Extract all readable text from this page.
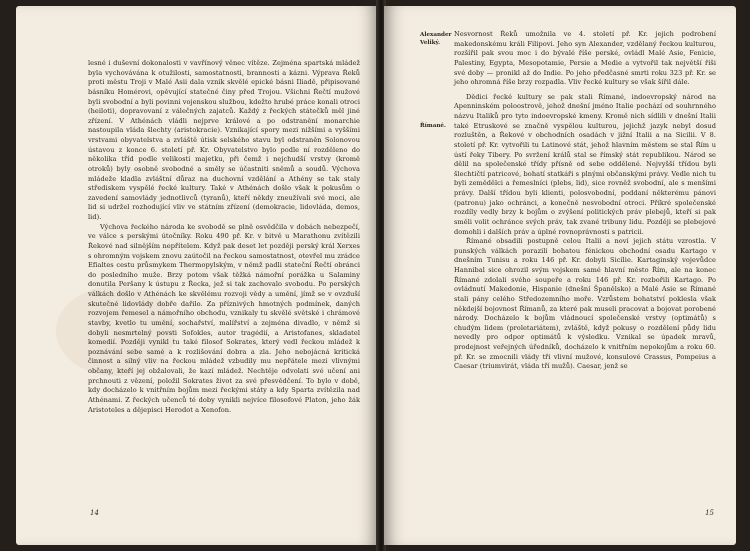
lesné i duševní dokonalosti v vavřínový věnec vítěze. Zejména spartská mládež byla vychovávána k otužilosti, samostatnosti, brannosti a kázni. Výprava Řeků proti městu Troji v Malé Asii dala vznik skvělé epické básni Iliadě, připisované básníku Homérovi, opěvující statečné činy před Trojou. Všichni Řečtí mužové byli svobodní a byli povinni vojenskou službou, kdežto hrubé práce konali otroci (heiloti), dopravovaní z válečných zajatců. Každý z řeckých státečků měl jiné zřízení. V Athénách vládli nejprve králové a po odstranění monarchie nastoupila vláda šlechty (aristokracie). Vznikající spory mezi nižšími a vyššími vrstvami obyvatelstva a zvláště útisk selského stavu byl odstraněn Solonovou ústavou z konce 6. století př. Kr. Obyvatelstvo bylo podle ní rozděleno do několika tříd podle velikosti majetku, při čemž i nejchudší vrstvy (kromě otroků) byly osobně svobodné a směly se účastniti sněmů a soudů. Výchova mládeže kladla zvláštní důraz na duchovní vzdělání a Athény se tak staly střediskem vyspělé řecké kultury. Také v Athénách došlo však k pokusům o zavedení samovlády jednotlivců (tyranů), kteří někdy zneužívali své moci, ale lid si udržel rozhodující vliv ve státním zřízení (demokracie, lidovláda, demos, lid).

Výchova řeckého národa ke svobodě se plně osvědčila v dobách nebezpečí, ve válce s perskými útočníky. Roku 490 př. Kr. v bitvě u Marathonu zvítězili Řekové nad silnějším nepřítelem. Když pak deset let později perský král Xerxes s ohromným vojskem znovu zaútočil na řeckou samostatnost, otevřel mu zrádce Efialtes cestu průsmykem Thermopylským, v němž padli stateční Řečtí obránci do posledního muže. Brzy potom však těžká námořní porážka u Salaminy donutila Peršany k ústupu z Řecka, jež si tak zachovalo svobodu. Po perských válkách došlo v Athénách ke skvělému rozvoji vědy a umění, jímž se v ovzduší skutečné lidovlády dobře dařilo. Za příznivých hmotných podmínek, daných rozvojem řemesel a námořního obchodu, vznikaly tu skvělé světské i chrámové stavby, kvetlo tu umění, sochařství, malířství a zejména divadlo, v němž si dobyli nesmrtelný povsti Sofokles, autor tragédií, a Aristofanes, skladatel komedií. Později vynikl tu také filosof Sokrates, který vedl řeckou mládež k poznávání sebe samé a k rozlišování dobra a zla. Jeho nebojácná kritická činnost a silný vliv na řeckou mládež vzbudily mu nepřátele mezi vlivnými občany, kteří jej obžalovali, že kazí mládež. Nechtěje odvolati své učení ani prchnouti z vězení, položil Sokrates život za své přesvědčení. To bylo v době, kdy docházelo k vnitřním bojům mezi řeckými státy a kdy Sparta zvítězila nad Athénami. Z řeckých učenců té doby vynikli nejvíce filosofové Platon, jeho žák Aristoteles a dějepisci Herodot a Xenofon.

14
Alexander Veliký.
Římané.

Nesvornost Řeků umožnila ve 4. století př. Kr. jejich podrobení makedonskému králi Filipovi. Jeho syn Alexander, vzdělaný řeckou kulturou, rozšířil pak svou moc i do bývalé říše perské, ovládl Malé Asie, Fenicie, Palestiny, Egypta, Mesopotamie, Persie a Medie a vytvořil tak největší říši své doby — pronikl až do Indie. Po jeho předčasné smrti roku 323 př. Kr. se jeho ohromná říše brzy rozpadla. Vliv řecké kultury se však šířil dále.

Dědici řecké kultury se pak stali Římané, indoevropský národ na Apenninském poloostrově, jehož dnešní jméno Italie pochází od souhrnného názvu Italiků pro tyto indoevropské kmeny. Kromě nich sídlili v dnešní Italii také Etruskové se značně vyspělou kulturou, jejichž jazyk nebyl dosud rozluštěn, a Řekové v obchodních osadách v jižní Italii a na Sicilii. V 8. století př. Kr. vytvořili tu Latinové stát, jehož hlavním městem se stal Řím u ústí řeky Tibery. Po svržení králů stal se římský stát republikou. Národ se dělil na společenské třídy přísně od sebe oddělené. Nejvyšší třídou byli šlechtičtí patricové, bohatí statkáři s plnými občanskými právy. Vedle nich tu byli zemědělci a řemeslníci (plebs, lid), sice rovněž svobodní, ale s menšími právy. Další třídou byli klienti, polosvobodní, poddaní některému pánovi (patronu) jako ochránci, a konečně nesvobodní otroci. Příkré společenské rozdíly vedly brzy k bojům o zvýšení politických práv plebejů, kteří si pak směli volit ochránce svých práv, tak zvané tribuny lidu. Později se plebejové domohli i dalších práv a úplné rovnoprávnosti s patricii.

Římané obsadili postupně celou Italii a noví jejich státu vzrostla. V punských válkách porazili bohatou fénickou obchodní osadu Kartago v dnešním Tunisu a roku 146 př. Kr. dobyli Sicílie. Kartaginský vojevůdce Hannibal sice ohrozil svým vojskem samé hlavní město Řím, ale na konec Římané zdolali svého soupeře a roku 146 př. Kr. rozbořili Kartago. Po ovládnutí Makedonie, Hispanie (dnešní Španělsko) a Malé Asie se Římané stali pány celého Středozemního moře. Vzrůstem bohatství poklesla však někdejší bojovnost Římanů, za které pak museli pracovat a bojovat porobené národy. Docházelo k bojům vládnoucí společenské vrstvy (optimátů) s chudým lidem (proletariátem), zvláště, když pokusy o rozdělení půdy lidu nevedly pro odpor optimátů k výsledku. Vznikal se úpadek mravů, prodejnost veřejných úředníků, docházelo k vnitřním nepokojům a roku 60. př. Kr. se zmocnili vlády tři vlivní mužové, konsulové Crassus, Pompeius a Caesar (triumvirát, vláda tří mužů). Caesar, jenž se

15
